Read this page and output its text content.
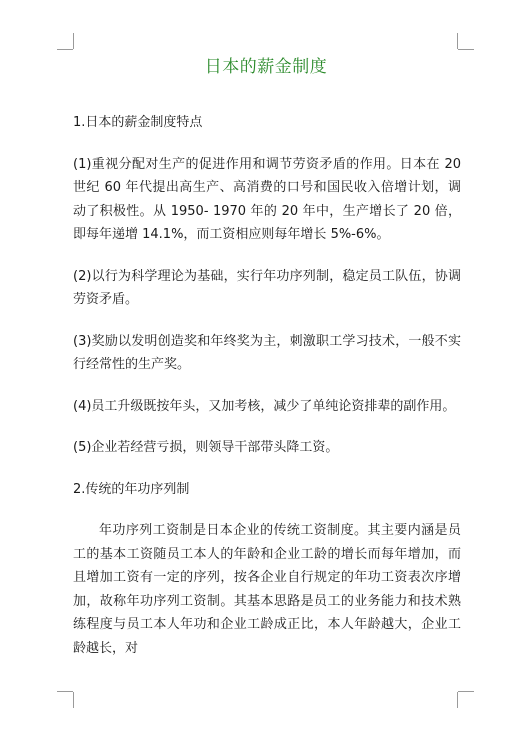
日本的薪金制度
1.日本的薪金制度特点
(1)重视分配对生产的促进作用和调节劳资矛盾的作用。日本在 20 世纪 60 年代提出高生产、高消费的口号和国民收入倍增计划，调动了积极性。从 1950- 1970 年的 20 年中，生产增长了 20 倍，即每年递增 14.1%，而工资相应则每年增长 5%-6%。
(2)以行为科学理论为基础，实行年功序列制，稳定员工队伍，协调劳资矛盾。
(3)奖励以发明创造奖和年终奖为主，刺激职工学习技术，一般不实行经常性的生产奖。
(4)员工升级既按年头，又加考核，减少了单纯论资排辈的副作用。
(5)企业若经营亏损，则领导干部带头降工资。
2.传统的年功序列制
年功序列工资制是日本企业的传统工资制度。其主要内涵是员工的基本工资随员工本人的年龄和企业工龄的增长而每年增加，而且增加工资有一定的序列，按各企业自行规定的年功工资表次序增加，故称年功序列工资制。其基本思路是员工的业务能力和技术熟练程度与员工本人年功和企业工龄成正比，本人年龄越大，企业工龄越长，对
